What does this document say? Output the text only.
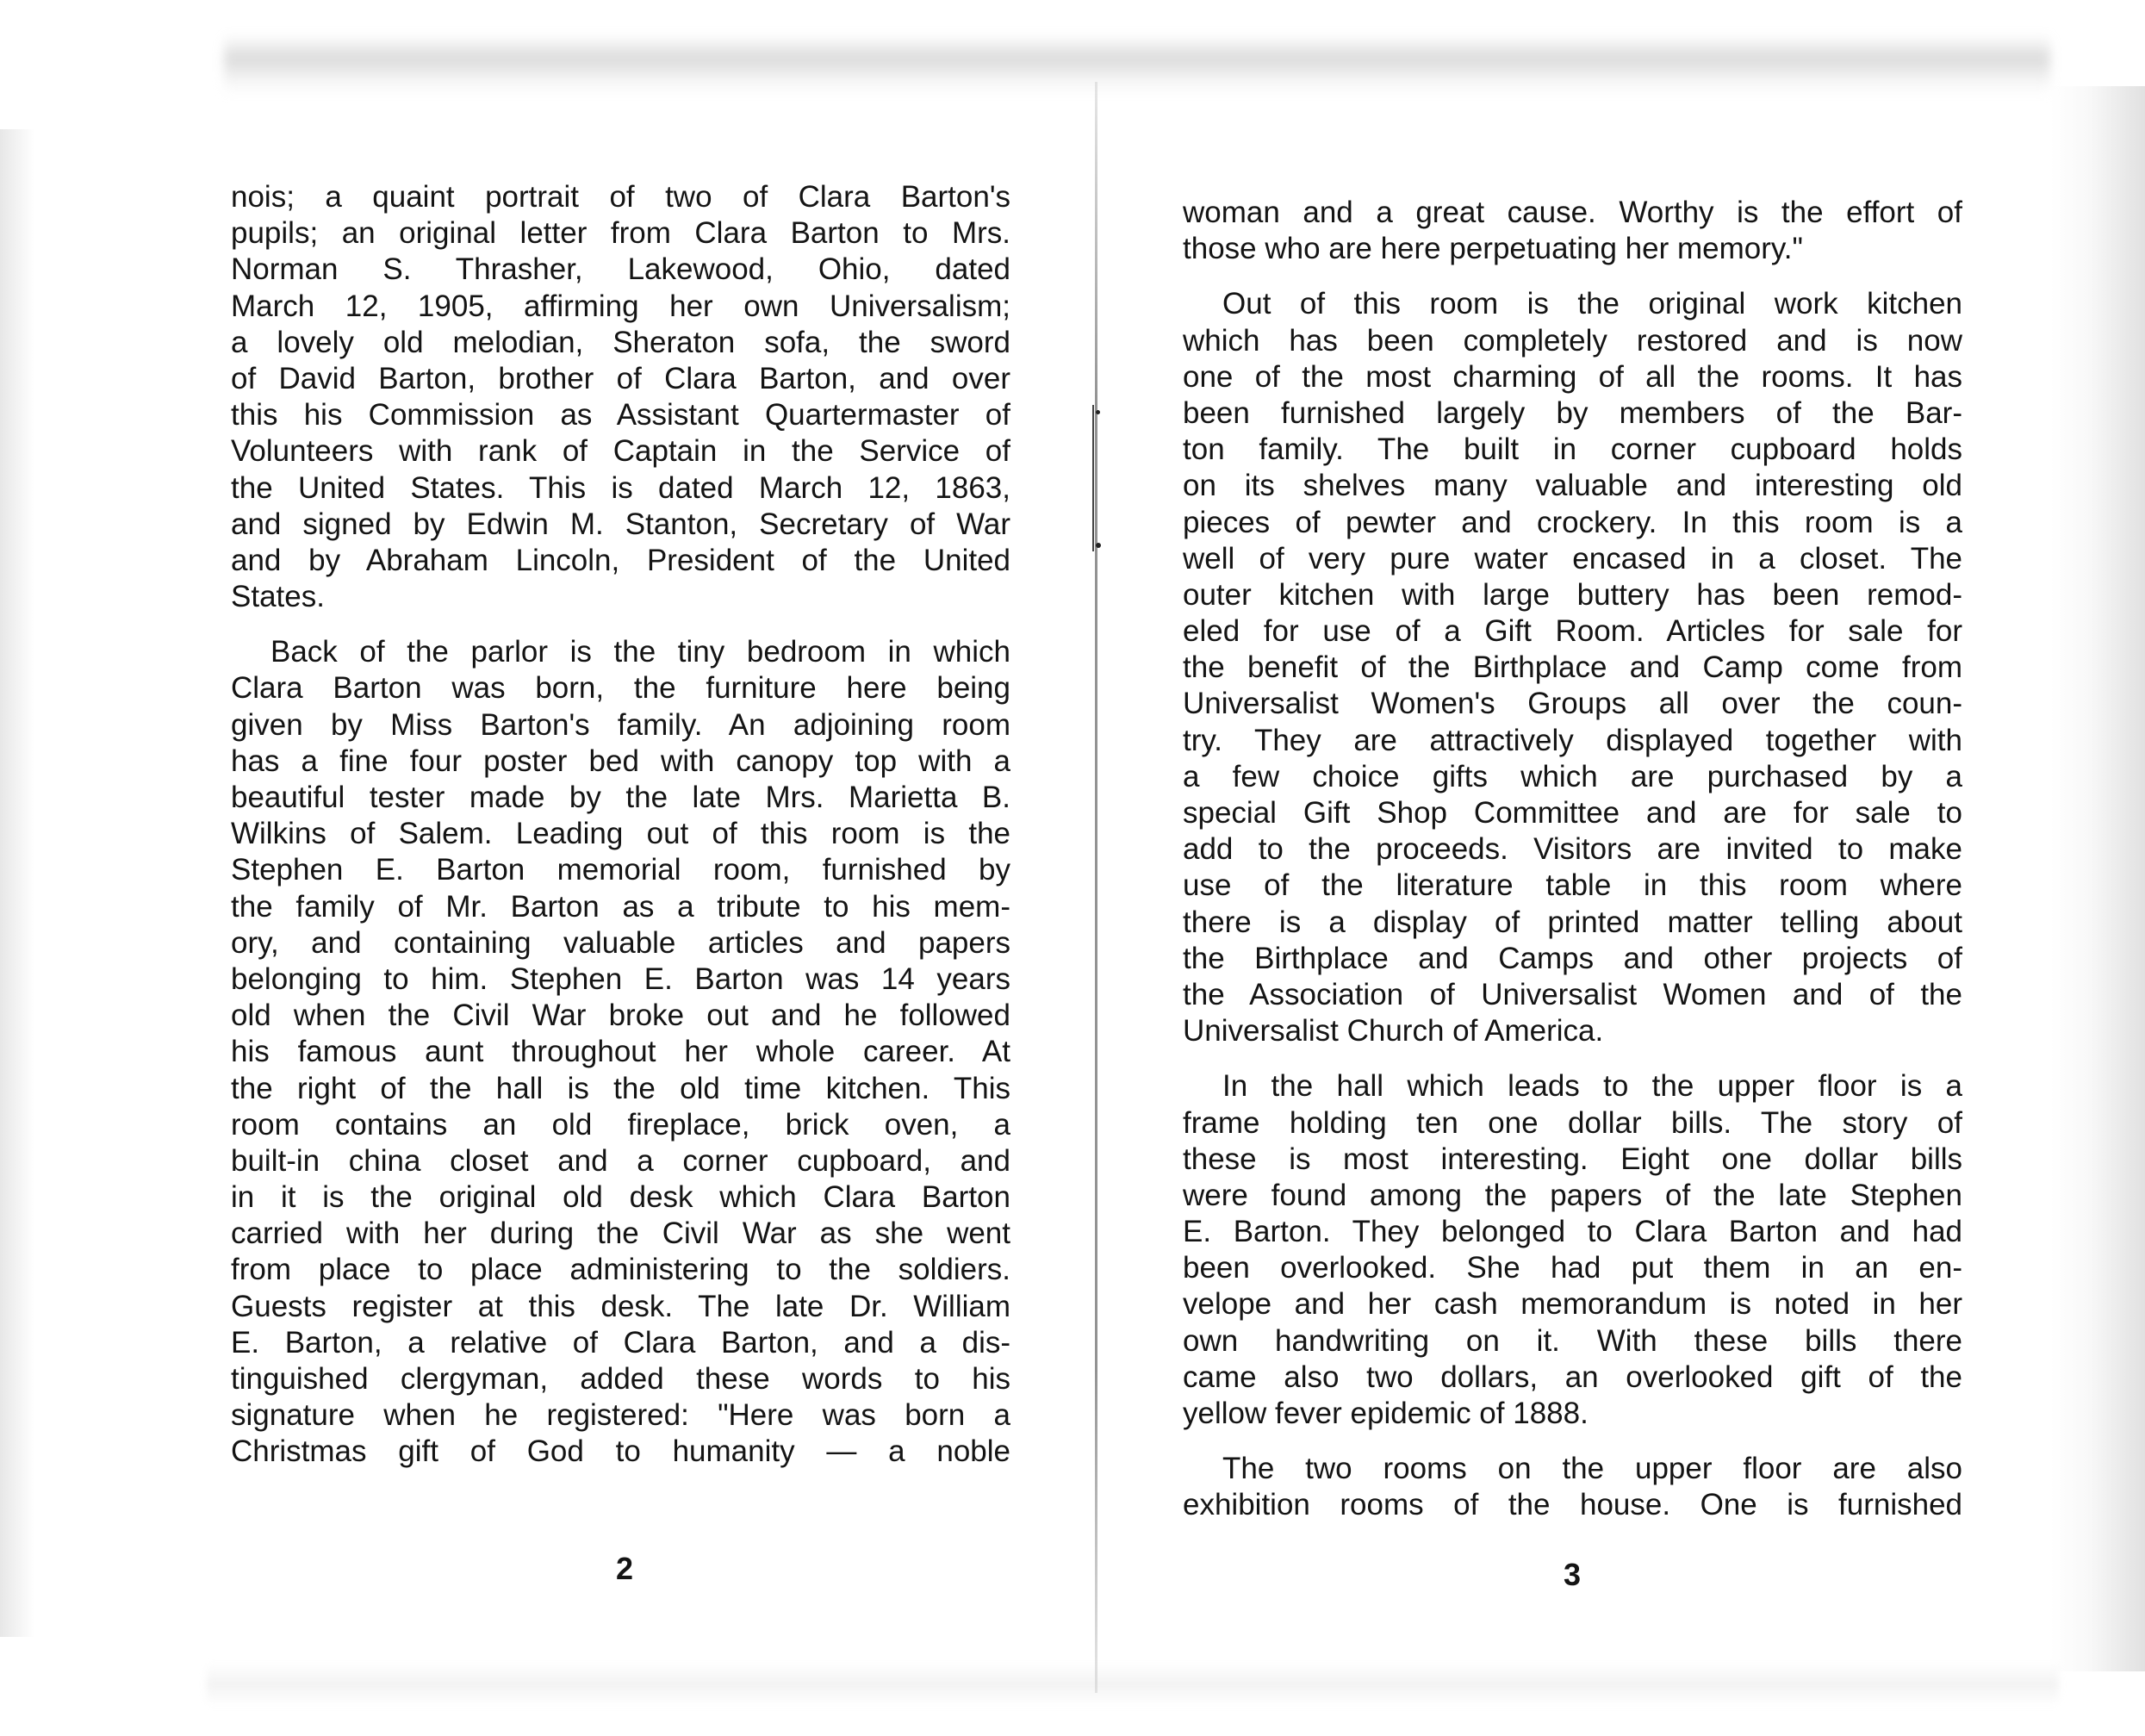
nois; a quaint portrait of two of Clara Barton's
pupils; an original letter from Clara Barton to Mrs.
Norman S. Thrasher, Lakewood, Ohio, dated
March 12, 1905, affirming her own Universalism;
a lovely old melodian, Sheraton sofa, the sword
of David Barton, brother of Clara Barton, and over
this his Commission as Assistant Quartermaster of
Volunteers with rank of Captain in the Service of
the United States. This is dated March 12, 1863,
and signed by Edwin M. Stanton, Secretary of War
and by Abraham Lincoln, President of the United
States.
Back of the parlor is the tiny bedroom in which
Clara Barton was born, the furniture here being
given by Miss Barton's family. An adjoining room
has a fine four poster bed with canopy top with a
beautiful tester made by the late Mrs. Marietta B.
Wilkins of Salem. Leading out of this room is the
Stephen E. Barton memorial room, furnished by
the family of Mr. Barton as a tribute to his mem-
ory, and containing valuable articles and papers
belonging to him. Stephen E. Barton was 14 years
old when the Civil War broke out and he followed
his famous aunt throughout her whole career. At
the right of the hall is the old time kitchen. This
room contains an old fireplace, brick oven, a
built-in china closet and a corner cupboard, and
in it is the original old desk which Clara Barton
carried with her during the Civil War as she went
from place to place administering to the soldiers.
Guests register at this desk. The late Dr. William
E. Barton, a relative of Clara Barton, and a dis-
tinguished clergyman, added these words to his
signature when he registered: "Here was born a
Christmas gift of God to humanity — a noble
2
woman and a great cause. Worthy is the effort of
those who are here perpetuating her memory."
Out of this room is the original work kitchen
which has been completely restored and is now
one of the most charming of all the rooms. It has
been furnished largely by members of the Bar-
ton family. The built in corner cupboard holds
on its shelves many valuable and interesting old
pieces of pewter and crockery. In this room is a
well of very pure water encased in a closet. The
outer kitchen with large buttery has been remod-
eled for use of a Gift Room. Articles for sale for
the benefit of the Birthplace and Camp come from
Universalist Women's Groups all over the coun-
try. They are attractively displayed together with
a few choice gifts which are purchased by a
special Gift Shop Committee and are for sale to
add to the proceeds. Visitors are invited to make
use of the literature table in this room where
there is a display of printed matter telling about
the Birthplace and Camps and other projects of
the Association of Universalist Women and of the
Universalist Church of America.
In the hall which leads to the upper floor is a
frame holding ten one dollar bills. The story of
these is most interesting. Eight one dollar bills
were found among the papers of the late Stephen
E. Barton. They belonged to Clara Barton and had
been overlooked. She had put them in an en-
velope and her cash memorandum is noted in her
own handwriting on it. With these bills there
came also two dollars, an overlooked gift of the
yellow fever epidemic of 1888.
The two rooms on the upper floor are also
exhibition rooms of the house. One is furnished
3
